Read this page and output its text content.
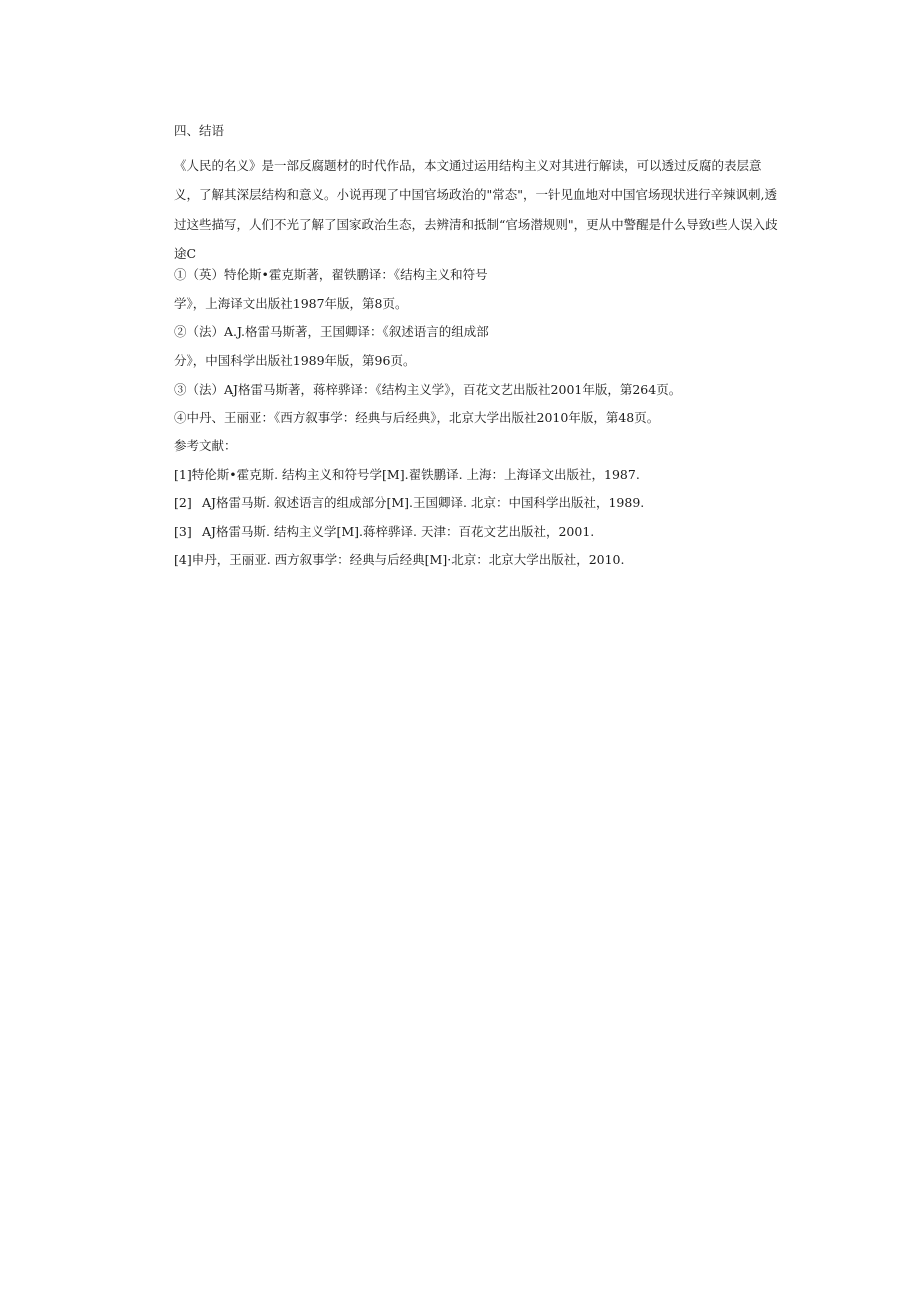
四、结语
《人民的名义》是一部反腐题材的时代作品，本文通过运用结构主义对其进行解读，可以透过反腐的表层意义，了解其深层结构和意义。小说再现了中国官场政治的"常态"，一针见血地对中国官场现状进行辛辣讽刺,透过这些描写，人们不光了解了国家政治生态，去辨清和抵制“官场潜规则"，更从中警醒是什么导致i些人误入歧途C
①（英）特伦斯•霍克斯著，翟铁鹏译：《结构主义和符号
学》，上海译文出版社1987年版，第8页。
②（法）A.J.格雷马斯著，王国卿译：《叙述语言的组成部
分》，中国科学出版社1989年版，第96页。
③（法）AJ格雷马斯著，蒋梓骅译：《结构主义学》，百花文艺出版社2001年版，第264页。
④中丹、王丽亚：《西方叙事学：经典与后经典》，北京大学出版社2010年版，第48页。
参考文献：
[1]特伦斯•霍克斯. 结构主义和符号学[M].翟铁鹏译. 上海：上海译文出版社，1987.
[2] AJ格雷马斯. 叙述语言的组成部分[M].王国卿译. 北京：中国科学出版社，1989.
[3] AJ格雷马斯. 结构主义学[M].蒋梓骅译. 天津：百花文艺出版社，2001.
[4]申丹，王丽亚. 西方叙事学：经典与后经典[M]·北京：北京大学出版社，2010.
